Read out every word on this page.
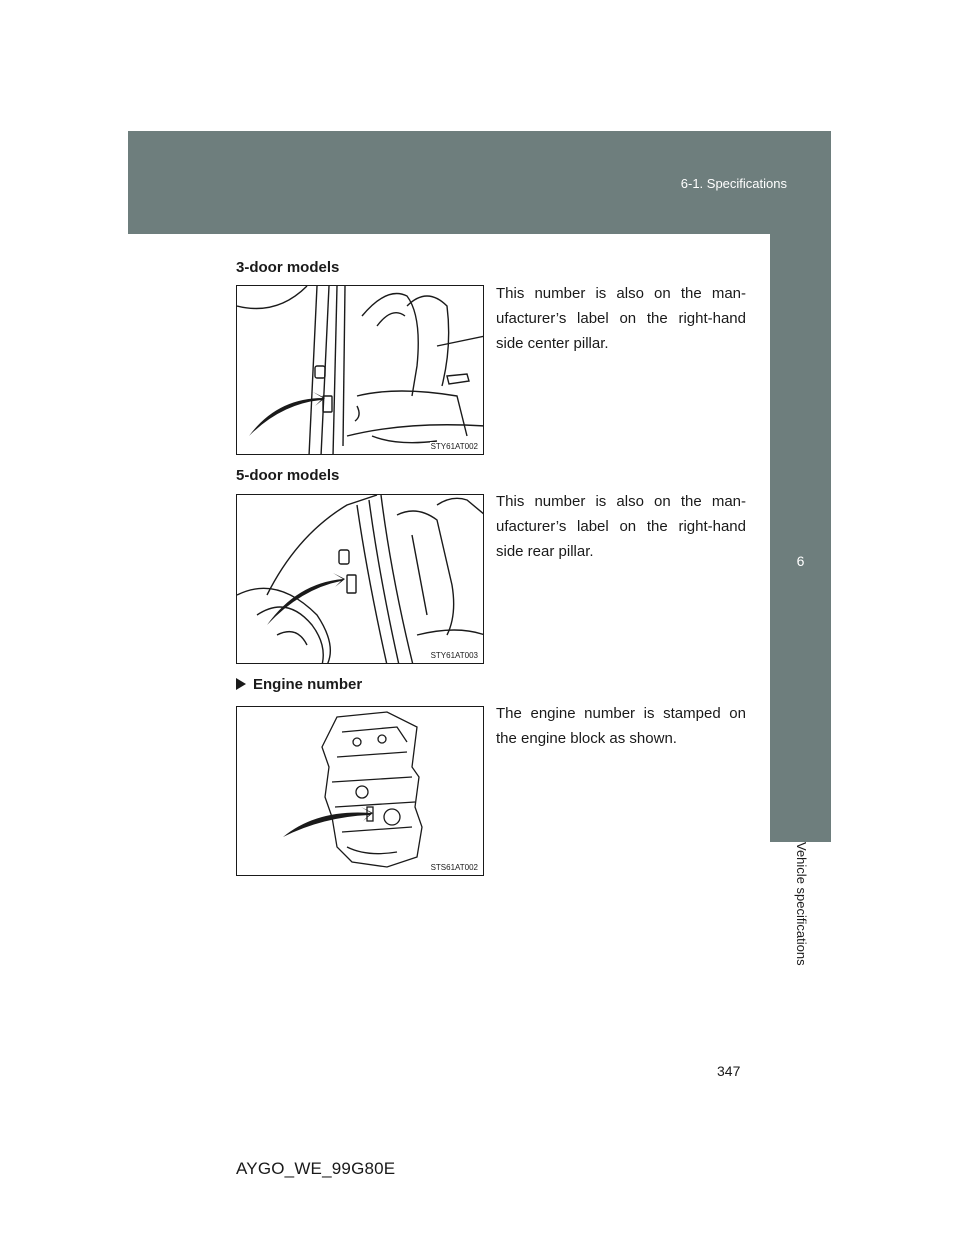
6-1. Specifications
6
Vehicle specifications
3-door models
STY61AT002
This number is also on the man-ufacturer’s label on the right-hand side center pillar.
5-door models
STY61AT003
This number is also on the man-ufacturer’s label on the right-hand side rear pillar.
Engine number
STS61AT002
The engine number is stamped on the engine block as shown.
347
AYGO_WE_99G80E
